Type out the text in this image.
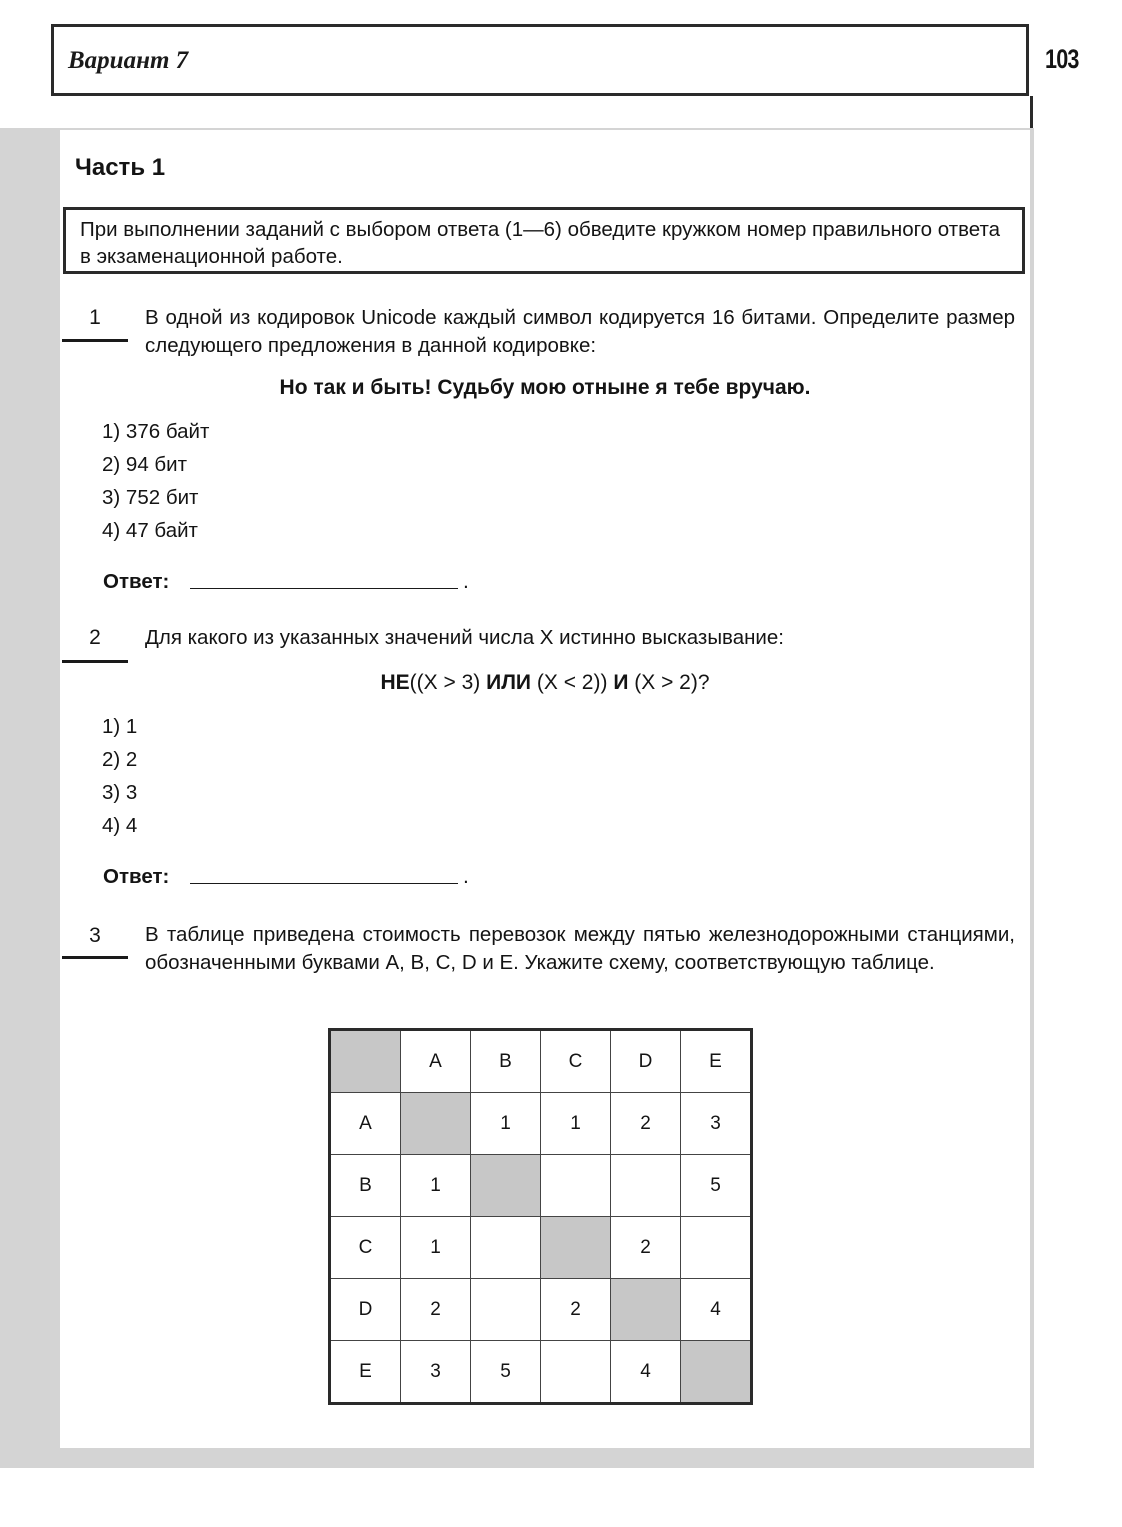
Вариант 7	103
Часть 1
При выполнении заданий с выбором ответа (1—6) обведите кружком номер правильного ответа в экзаменационной работе.
1	В одной из кодировок Unicode каждый символ кодируется 16 битами. Определите размер следующего предложения в данной кодировке:
Но так и быть! Судьбу мою отныне я тебе вручаю.
1) 376 байт
2) 94 бит
3) 752 бит
4) 47 байт
Ответ:	.
2	Для какого из указанных значений числа X истинно высказывание:
НЕ((X > 3) ИЛИ (X < 2)) И (X > 2)?
1) 1
2) 2
3) 3
4) 4
Ответ:	.
3	В таблице приведена стоимость перевозок между пятью железнодорожными станциями, обозначенными буквами A, B, C, D и E. Укажите схему, соответствующую таблице.
	A	B	C	D	E
A		1	1	2	3
B	1				5
C	1			2	
D	2		2		4
E	3	5		4	
